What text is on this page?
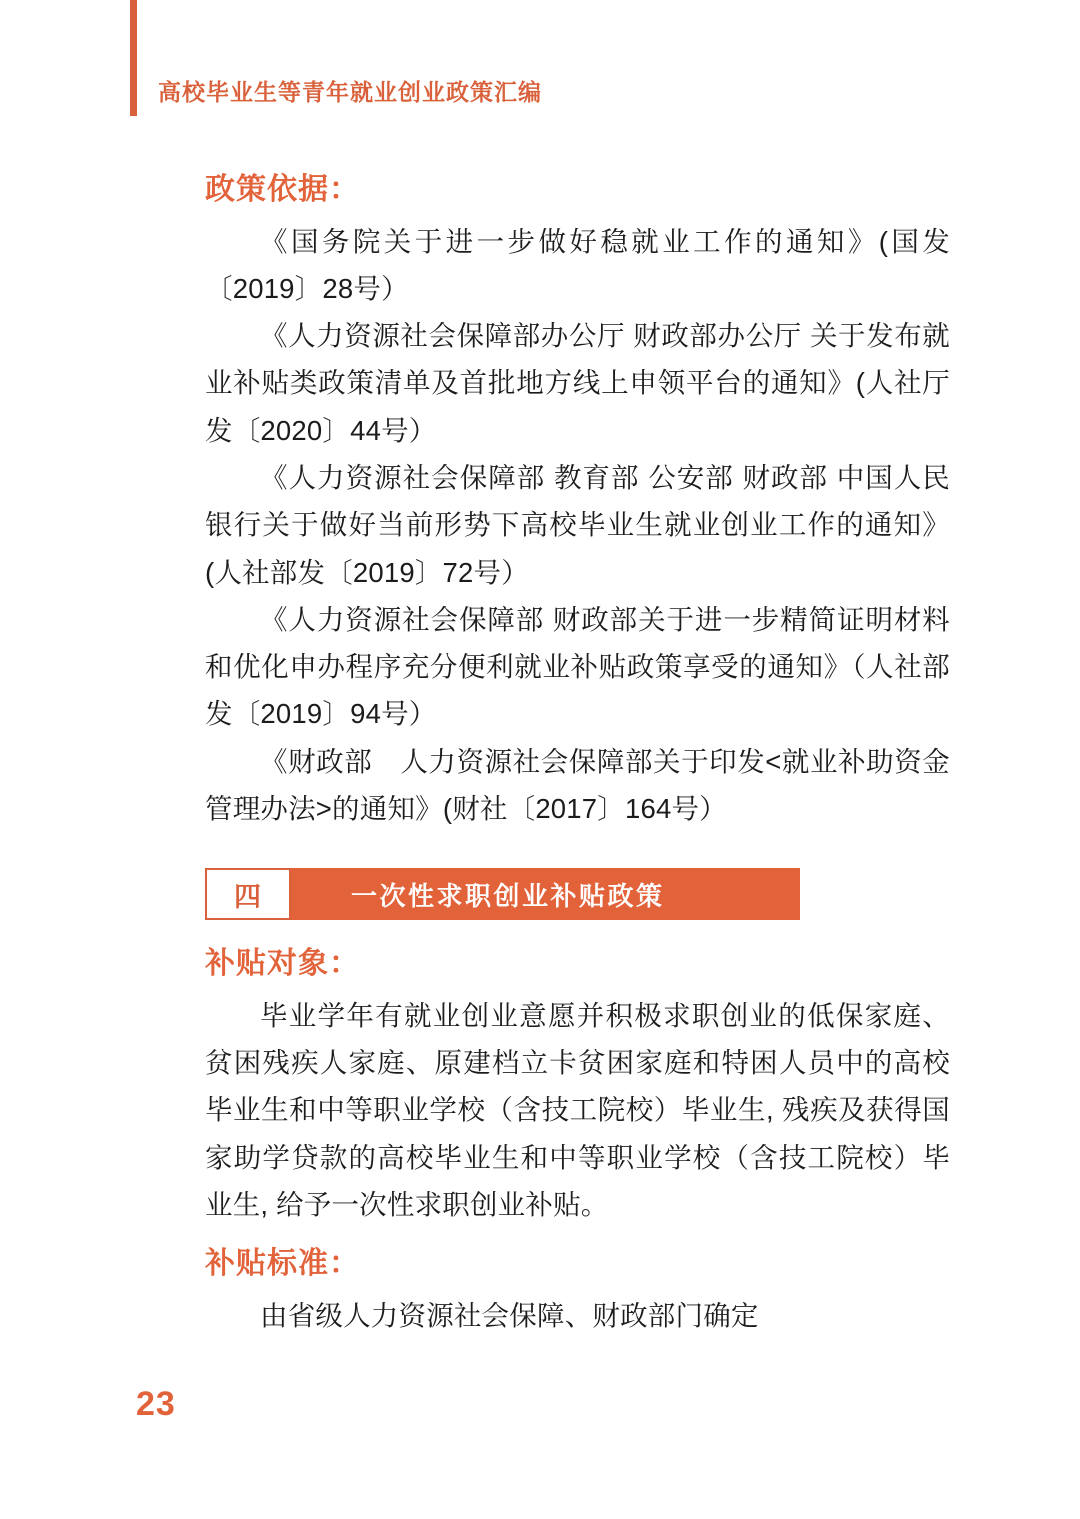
高校毕业生等青年就业创业政策汇编
政策依据：

《国务院关于进一步做好稳就业工作的通知》(国发〔2019〕28号）

《人力资源社会保障部办公厅 财政部办公厅 关于发布就业补贴类政策清单及首批地方线上申领平台的通知》(人社厅发〔2020〕44号）

《人力资源社会保障部 教育部 公安部 财政部 中国人民银行关于做好当前形势下高校毕业生就业创业工作的通知》(人社部发〔2019〕72号）

《人力资源社会保障部 财政部关于进一步精简证明材料和优化申办程序充分便利就业补贴政策享受的通知》（人社部发〔2019〕94号）

《财政部　人力资源社会保障部关于印发<就业补助资金管理办法>的通知》(财社〔2017〕164号）

四	一次性求职创业补贴政策
补贴对象：

毕业学年有就业创业意愿并积极求职创业的低保家庭、贫困残疾人家庭、原建档立卡贫困家庭和特困人员中的高校毕业生和中等职业学校（含技工院校）毕业生, 残疾及获得国家助学贷款的高校毕业生和中等职业学校（含技工院校）毕业生, 给予一次性求职创业补贴。

补贴标准：

由省级人力资源社会保障、财政部门确定

23
